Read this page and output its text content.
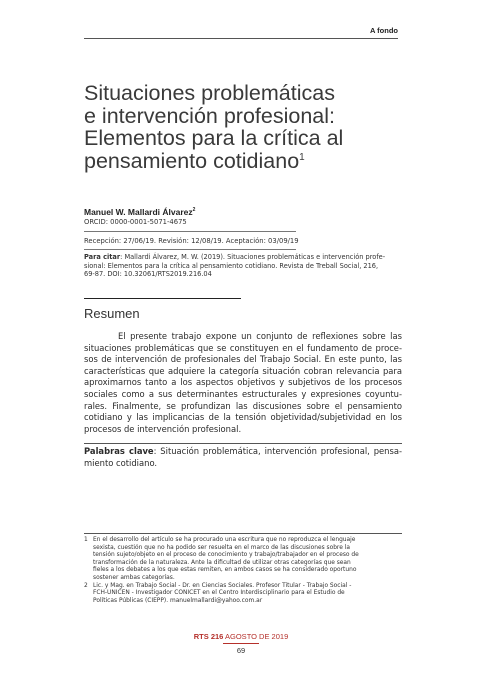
A fondo
Situaciones problemáticas
e intervención profesional:
Elementos para la crítica al
pensamiento cotidiano$^1$
Manuel W. Mallardi Álvarez$^2$
ORCID: 0000-0001-5071-4675
Recepción: 27/06/19. Revisión: 12/08/19. Aceptación: 03/09/19
Para citar: Mallardi Álvarez, M. W. (2019). Situaciones problemáticas e intervención profe-
sional: Elementos para la crítica al pensamiento cotidiano. Revista de Treball Social, 216,
69-87. DOI: 10.32061/RTS2019.216.04
Resumen
El presente trabajo expone un conjunto de reflexiones sobre las
situaciones problemáticas que se constituyen en el fundamento de proce-
sos de intervención de profesionales del Trabajo Social. En este punto, las
características que adquiere la categoría situación cobran relevancia para
aproximarnos tanto a los aspectos objetivos y subjetivos de los procesos
sociales como a sus determinantes estructurales y expresiones coyuntu-
rales. Finalmente, se profundizan las discusiones sobre el pensamiento
cotidiano y las implicancias de la tensión objetividad/subjetividad en los
procesos de intervención profesional.
Palabras clave: Situación problemática, intervención profesional, pensa-
miento cotidiano.
1 En el desarrollo del artículo se ha procurado una escritura que no reproduzca el lenguaje
sexista, cuestión que no ha podido ser resuelta en el marco de las discusiones sobre la
tensión sujeto/objeto en el proceso de conocimiento y trabajo/trabajador en el proceso de
transformación de la naturaleza. Ante la dificultad de utilizar otras categorías que sean
fieles a los debates a los que estas remiten, en ambos casos se ha considerado oportuno
sostener ambas categorías.
2 Lic. y Mag. en Trabajo Social - Dr. en Ciencias Sociales. Profesor Titular - Trabajo Social -
FCH-UNICEN - Investigador CONICET en el Centro Interdisciplinario para el Estudio de
Políticas Públicas (CIEPP). manuelmallardi@yahoo.com.ar
RTS 216 AGOSTO DE 2019
69
